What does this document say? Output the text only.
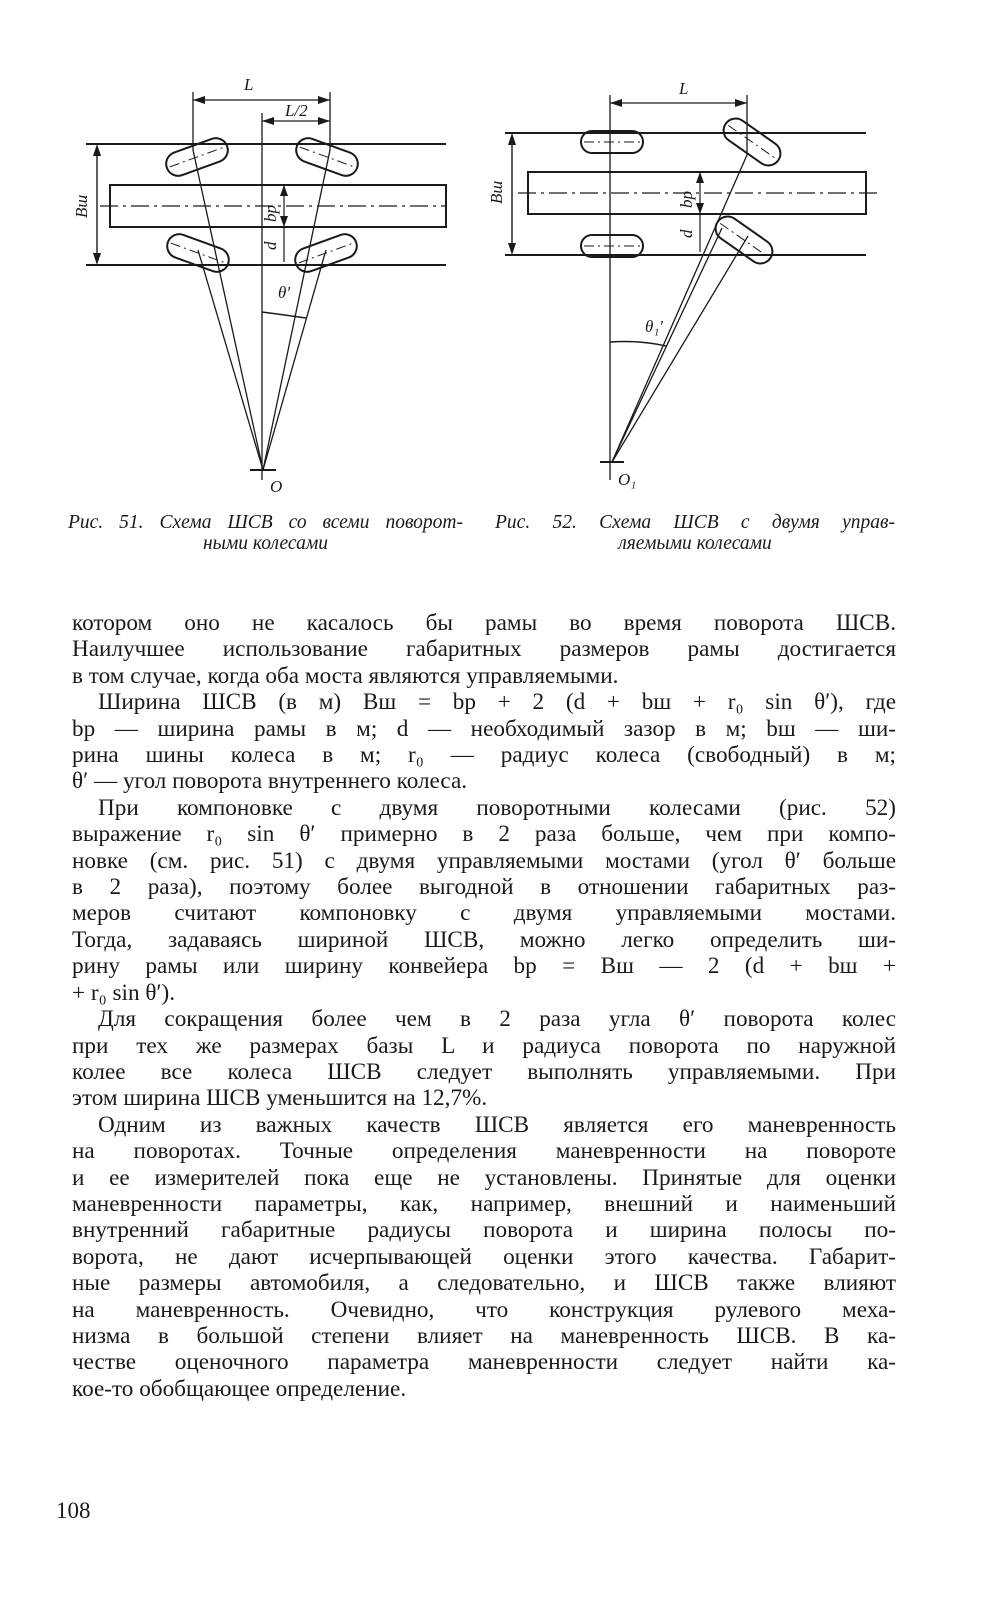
L
L/2
Bш	bр
d
θ'
O
L
Bш	bр
d
θ₁'
O₁
Рис. 51. Схема ШСВ со всеми поворот-
ными колесами
Рис. 52. Схема ШСВ с двумя управ-
ляемыми колесами

котором оно не касалось бы рамы во время поворота ШСВ.
Наилучшее использование габаритных размеров рамы достигается
в том случае, когда оба моста являются управляемыми.

Ширина ШСВ (в м) Bш = bр + 2 (d + bш + r₀ sin θ′), где
bр — ширина рамы в м; d — необходимый зазор в м; bш — ши-
рина шины колеса в м; r₀ — радиус колеса (свободный) в м;
θ′ — угол поворота внутреннего колеса.

При компоновке с двумя поворотными колесами (рис. 52)
выражение r₀ sin θ′ примерно в 2 раза больше, чем при компо-
новке (см. рис. 51) с двумя управляемыми мостами (угол θ′ больше
в 2 раза), поэтому более выгодной в отношении габаритных раз-
меров считают компоновку с двумя управляемыми мостами.
Тогда, задаваясь шириной ШСВ, можно легко определить ши-
рину рамы или ширину конвейера bр = Bш — 2 (d + bш +
+ r₀ sin θ′).

Для сокращения более чем в 2 раза угла θ′ поворота колес
при тех же размерах базы L и радиуса поворота по наружной
колее все колеса ШСВ следует выполнять управляемыми. При
этом ширина ШСВ уменьшится на 12,7%.

Одним из важных качеств ШСВ является его маневренность
на поворотах. Точные определения маневренности на повороте
и ее измерителей пока еще не установлены. Принятые для оценки
маневренности параметры, как, например, внешний и наименьший
внутренний габаритные радиусы поворота и ширина полосы по-
ворота, не дают исчерпывающей оценки этого качества. Габарит-
ные размеры автомобиля, а следовательно, и ШСВ также влияют
на маневренность. Очевидно, что конструкция рулевого меха-
низма в большой степени влияет на маневренность ШСВ. В ка-
честве оценочного параметра маневренности следует найти ка-
кое-то обобщающее определение.

108
